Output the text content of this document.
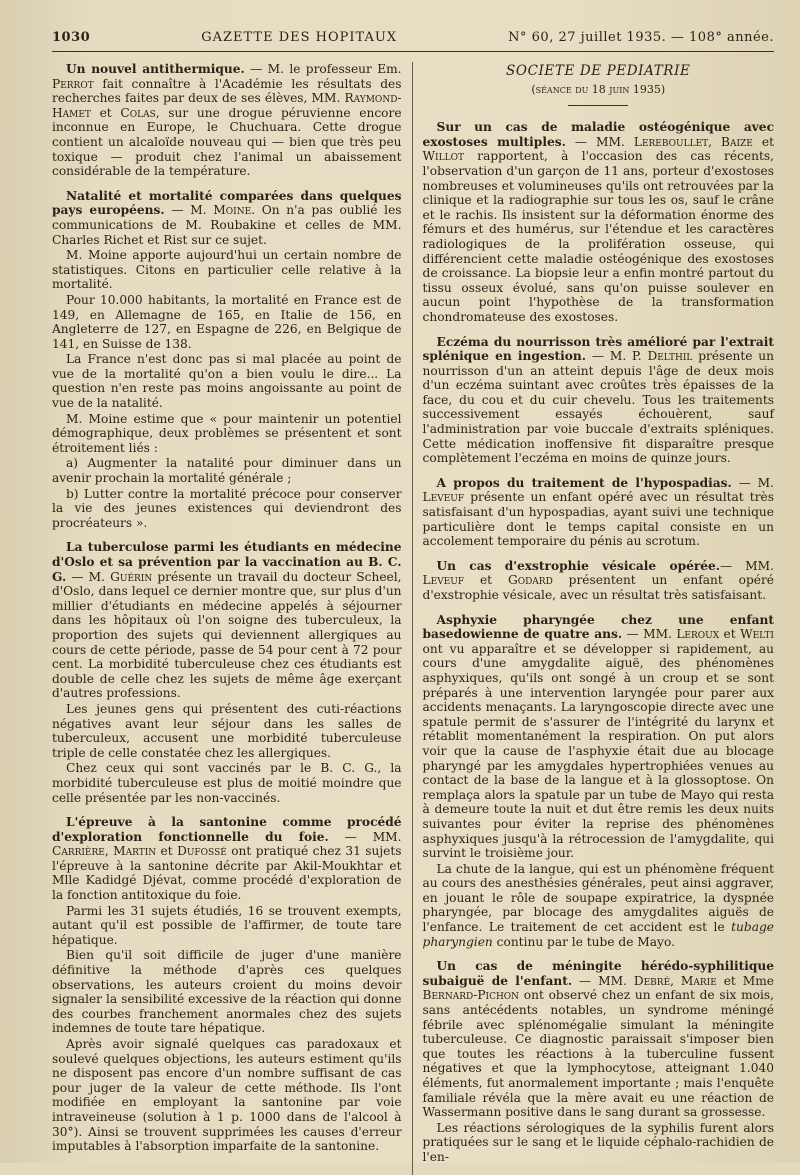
1030	GAZETTE DES HOPITAUX	N° 60, 27 juillet 1935. — 108° année.

Un nouvel antithermique. — M. le professeur Em. Perrot fait connaître à l'Académie les résultats des recherches faites par deux de ses élèves, MM. Raymond-Hamet et Colas, sur une drogue péruvienne encore inconnue en Europe, le Chuchuara. Cette drogue contient un alcaloïde nouveau qui — bien que très peu toxique — produit chez l'animal un abaissement considérable de la température.

Natalité et mortalité comparées dans quelques pays européens. — M. Moine. On n'a pas oublié les communications de M. Roubakine et celles de MM. Charles Richet et Rist sur ce sujet.

M. Moine apporte aujourd'hui un certain nombre de statistiques. Citons en particulier celle relative à la mortalité.

Pour 10.000 habitants, la mortalité en France est de 149, en Allemagne de 165, en Italie de 156, en Angleterre de 127, en Espagne de 226, en Belgique de 141, en Suisse de 138.

La France n'est donc pas si mal placée au point de vue de la mortalité qu'on a bien voulu le dire... La question n'en reste pas moins angoissante au point de vue de la natalité.

M. Moine estime que « pour maintenir un potentiel démographique, deux problèmes se présentent et sont étroitement liés :

a) Augmenter la natalité pour diminuer dans un avenir prochain la mortalité générale ;

b) Lutter contre la mortalité précoce pour conserver la vie des jeunes existences qui deviendront des procréateurs ».

La tuberculose parmi les étudiants en médecine d'Oslo et sa prévention par la vaccination au B. C. G. — M. Guérin présente un travail du docteur Scheel, d'Oslo, dans lequel ce dernier montre que, sur plus d'un millier d'étudiants en médecine appelés à séjourner dans les hôpitaux où l'on soigne des tuberculeux, la proportion des sujets qui deviennent allergiques au cours de cette période, passe de 54 pour cent à 72 pour cent. La morbidité tuberculeuse chez ces étudiants est double de celle chez les sujets de même âge exerçant d'autres professions.

Les jeunes gens qui présentent des cuti-réactions négatives avant leur séjour dans les salles de tuberculeux, accusent une morbidité tuberculeuse triple de celle constatée chez les allergiques.

Chez ceux qui sont vaccinés par le B. C. G., la morbidité tuberculeuse est plus de moitié moindre que celle présentée par les non-vaccinés.

L'épreuve à la santonine comme procédé d'exploration fonctionnelle du foie. — MM. Carrière, Martin et Dufossé ont pratiqué chez 31 sujets l'épreuve à la santonine décrite par Akil-Moukhtar et Mlle Kadidgé Djévat, comme procédé d'exploration de la fonction antitoxique du foie.

Parmi les 31 sujets étudiés, 16 se trouvent exempts, autant qu'il est possible de l'affirmer, de toute tare hépatique.

Bien qu'il soit difficile de juger d'une manière définitive la méthode d'après ces quelques observations, les auteurs croient du moins devoir signaler la sensibilité excessive de la réaction qui donne des courbes franchement anormales chez des sujets indemnes de toute tare hépatique.

Après avoir signalé quelques cas paradoxaux et soulevé quelques objections, les auteurs estiment qu'ils ne disposent pas encore d'un nombre suffisant de cas pour juger de la valeur de cette méthode. Ils l'ont modifiée en employant la santonine par voie intraveineuse (solution à 1 p. 1000 dans de l'alcool à 30°). Ainsi se trouvent supprimées les causes d'erreur imputables à l'absorption imparfaite de la santonine.

SOCIETE DE PEDIATRIE
(séance du 18 juin 1935)

Sur un cas de maladie ostéogénique avec exostoses multiples. — MM. Lereboullet, Baize et Willot rapportent, à l'occasion des cas récents, l'observation d'un garçon de 11 ans, porteur d'exostoses nombreuses et volumineuses qu'ils ont retrouvées par la clinique et la radiographie sur tous les os, sauf le crâne et le rachis. Ils insistent sur la déformation énorme des fémurs et des humérus, sur l'étendue et les caractères radiologiques de la prolifération osseuse, qui différencient cette maladie ostéogénique des exostoses de croissance. La biopsie leur a enfin montré partout du tissu osseux évolué, sans qu'on puisse soulever en aucun point l'hypothèse de la transformation chondromateuse des exostoses.

Eczéma du nourrisson très amélioré par l'extrait splénique en ingestion. — M. P. Delthil présente un nourrisson d'un an atteint depuis l'âge de deux mois d'un eczéma suintant avec croûtes très épaisses de la face, du cou et du cuir chevelu. Tous les traitements successivement essayés échouèrent, sauf l'administration par voie buccale d'extraits spléniques. Cette médication inoffensive fit disparaître presque complètement l'eczéma en moins de quinze jours.

A propos du traitement de l'hypospadias. — M. Leveuf présente un enfant opéré avec un résultat très satisfaisant d'un hypospadias, ayant suivi une technique particulière dont le temps capital consiste en un accolement temporaire du pénis au scrotum.

Un cas d'exstrophie vésicale opérée.— MM. Leveuf et Godard présentent un enfant opéré d'exstrophie vésicale, avec un résultat très satisfaisant.

Asphyxie pharyngée chez une enfant basedowienne de quatre ans. — MM. Leroux et Welti ont vu apparaître et se développer si rapidement, au cours d'une amygdalite aiguë, des phénomènes asphyxiques, qu'ils ont songé à un croup et se sont préparés à une intervention laryngée pour parer aux accidents menaçants. La laryngoscopie directe avec une spatule permit de s'assurer de l'intégrité du larynx et rétablit momentanément la respiration. On put alors voir que la cause de l'asphyxie était due au blocage pharyngé par les amygdales hypertrophiées venues au contact de la base de la langue et à la glossoptose. On remplaça alors la spatule par un tube de Mayo qui resta à demeure toute la nuit et dut être remis les deux nuits suivantes pour éviter la reprise des phénomènes asphyxiques jusqu'à la rétrocession de l'amygdalite, qui survint le troisième jour.

La chute de la langue, qui est un phénomène fréquent au cours des anesthésies générales, peut ainsi aggraver, en jouant le rôle de soupape expiratrice, la dyspnée pharyngée, par blocage des amygdalites aiguës de l'enfance. Le traitement de cet accident est le tubage pharyngien continu par le tube de Mayo.

Un cas de méningite hérédo-syphilitique subaiguë de l'enfant. — MM. Debré, Marie et Mme Bernard-Pichon ont observé chez un enfant de six mois, sans antécédents notables, un syndrome méningé fébrile avec splénomégalie simulant la méningite tuberculeuse. Ce diagnostic paraissait s'imposer bien que toutes les réactions à la tuberculine fussent négatives et que la lymphocytose, atteignant 1.040 éléments, fut anormalement importante ; mais l'enquête familiale révéla que la mère avait eu une réaction de Wassermann positive dans le sang durant sa grossesse.

Les réactions sérologiques de la syphilis furent alors pratiquées sur le sang et le liquide céphalo-rachidien de l'en-
